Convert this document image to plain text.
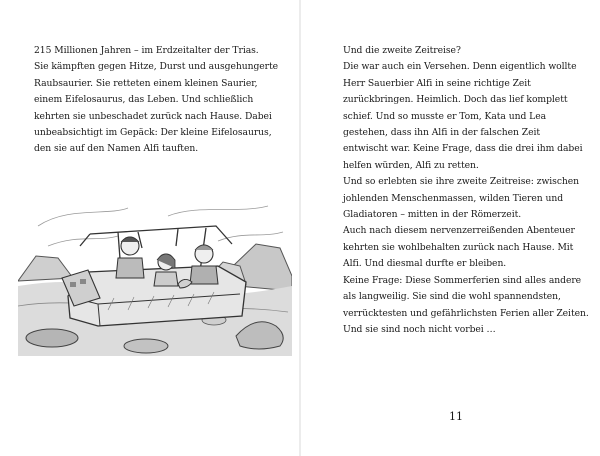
215 Millionen Jahren – im Erdzeitalter der Trias.

Sie kämpften gegen Hitze, Durst und ausgehungerte

Raubsaurier. Sie retteten einem kleinen Saurier,

einem Eifelosaurus, das Leben. Und schließlich

kehrten sie unbeschadet zurück nach Hause. Dabei

unbeabsichtigt im Gepäck: Der kleine Eifelosaurus,

den sie auf den Namen Alfi tauften.

Und die zweite Zeitreise?

Die war auch ein Versehen. Denn eigentlich wollte

Herr Sauerbier Alfi in seine richtige Zeit

zurückbringen. Heimlich. Doch das lief komplett

schief. Und so musste er Tom, Kata und Lea

gestehen, dass ihn Alfi in der falschen Zeit

entwischt war. Keine Frage, dass die drei ihm dabei

helfen würden, Alfi zu retten.

Und so erlebten sie ihre zweite Zeitreise: zwischen

johlenden Menschenmassen, wilden Tieren und

Gladiatoren – mitten in der Römerzeit.

Auch nach diesem nervenzerreißenden Abenteuer

kehrten sie wohlbehalten zurück nach Hause. Mit

Alfi. Und diesmal durfte er bleiben.

Keine Frage: Diese Sommerferien sind alles andere

als langweilig. Sie sind die wohl spannendsten,

verrücktesten und gefährlichsten Ferien aller Zeiten.

Und sie sind noch nicht vorbei …

11
